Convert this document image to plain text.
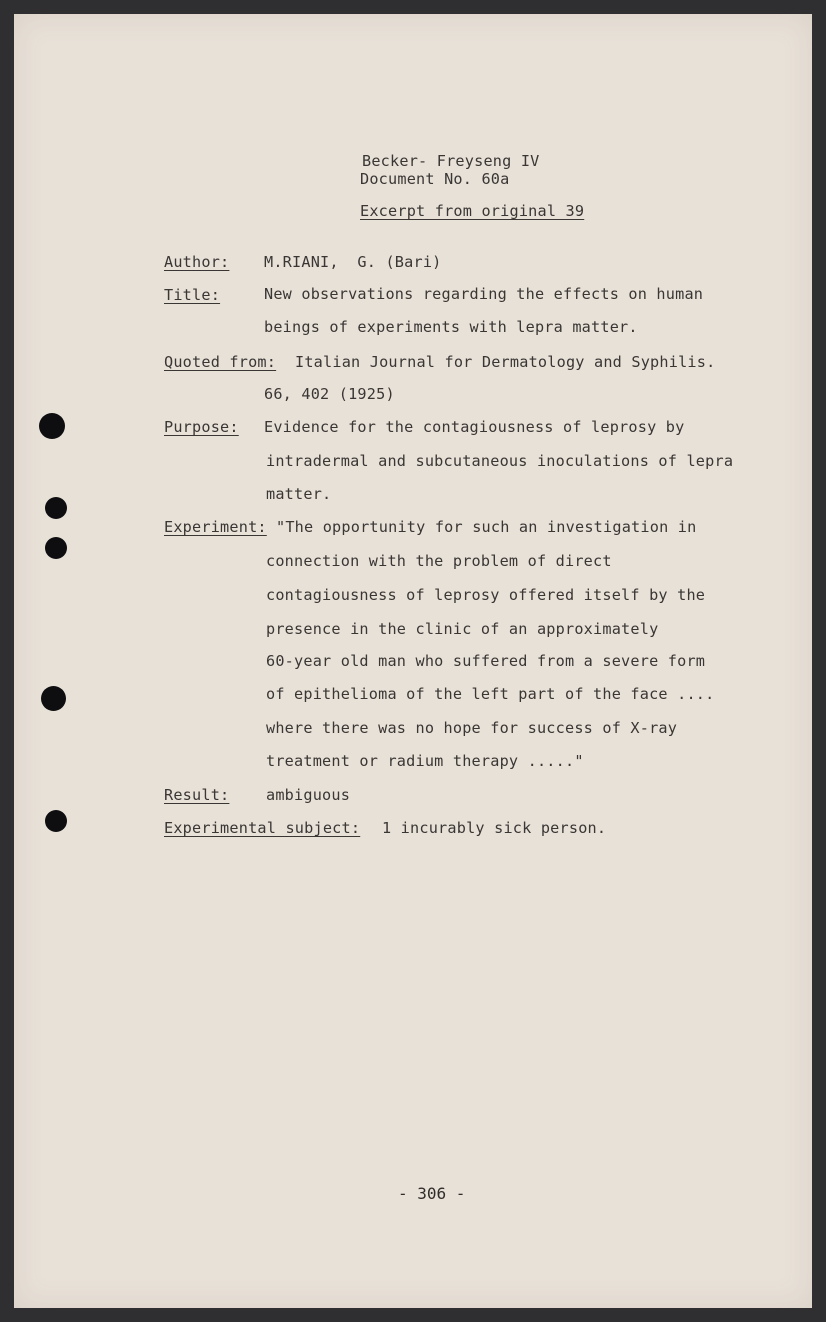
Becker- Freyseng IV
Document No. 60a
Excerpt from original 39
Author: M.RIANI,  G. (Bari)
Title:	New observations regarding the effects on human
beings of experiments with lepra matter.
Quoted from: Italian Journal for Dermatology and Syphilis.
66, 402 (1925)
Purpose: Evidence for the contagiousness of leprosy by
intradermal and subcutaneous inoculations of lepra
matter.
Experiment: "The opportunity for such an investigation in
connection with the problem of direct
contagiousness of leprosy offered itself by the
presence in the clinic of an approximately
60-year old man who suffered from a severe form
of epithelioma of the left part of the face ....
where there was no hope for success of X-ray
treatment or radium therapy ....."
Result: ambiguous
Experimental subject: 1 incurably sick person.
- 306 -
